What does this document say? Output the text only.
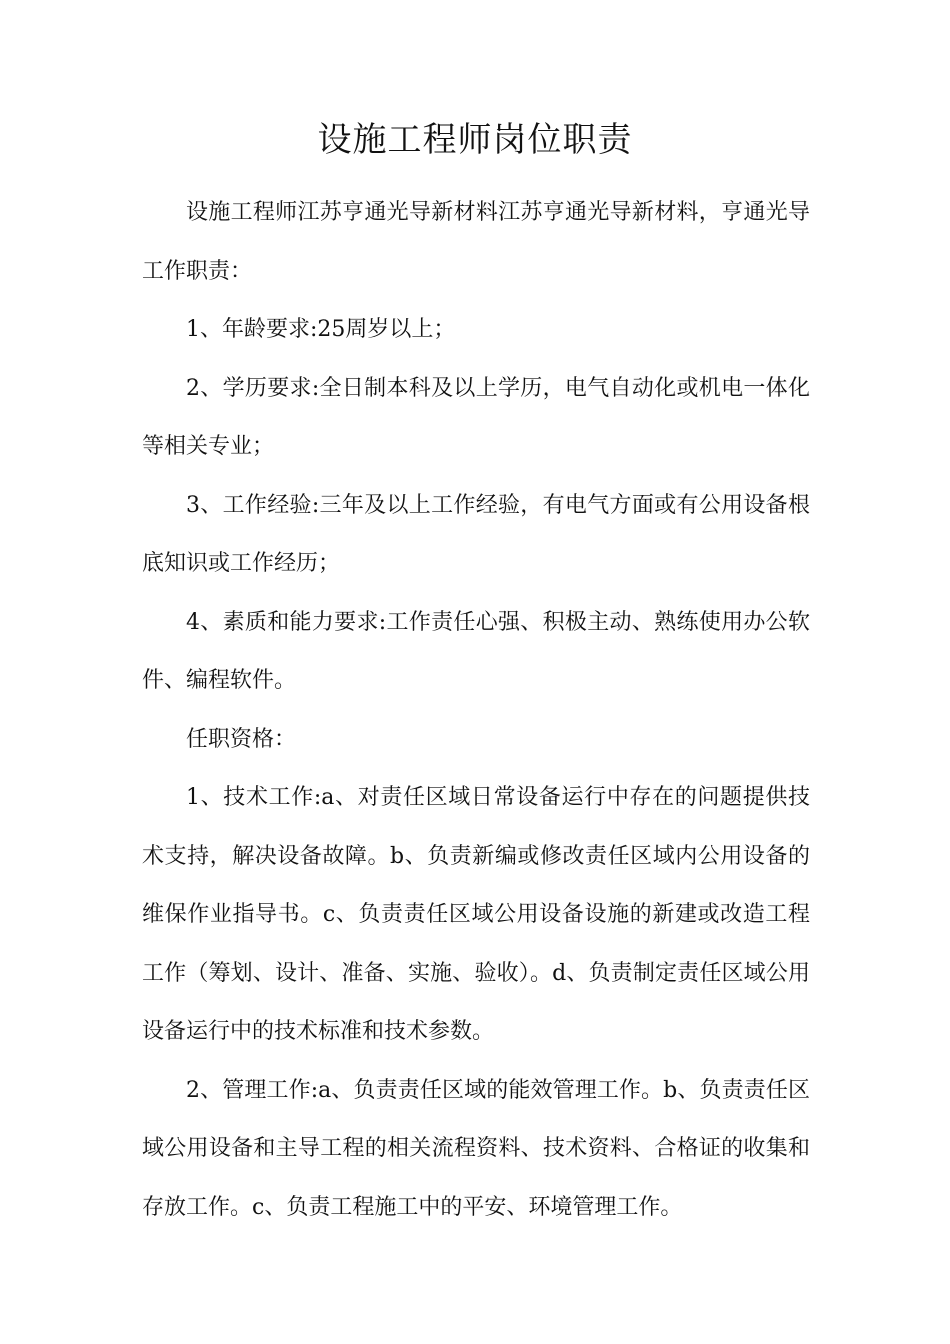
设施工程师岗位职责

设施工程师江苏亨通光导新材料江苏亨通光导新材料，亨通光导工作职责：

1、年龄要求:25周岁以上；

2、学历要求:全日制本科及以上学历，电气自动化或机电一体化等相关专业；

3、工作经验:三年及以上工作经验，有电气方面或有公用设备根底知识或工作经历；

4、素质和能力要求:工作责任心强、积极主动、熟练使用办公软件、编程软件。

任职资格：

1、技术工作:a、对责任区域日常设备运行中存在的问题提供技术支持，解决设备故障。b、负责新编或修改责任区域内公用设备的维保作业指导书。c、负责责任区域公用设备设施的新建或改造工程工作（筹划、设计、准备、实施、验收）。d、负责制定责任区域公用设备运行中的技术标准和技术参数。

2、管理工作:a、负责责任区域的能效管理工作。b、负责责任区域公用设备和主导工程的相关流程资料、技术资料、合格证的收集和存放工作。c、负责工程施工中的平安、环境管理工作。
